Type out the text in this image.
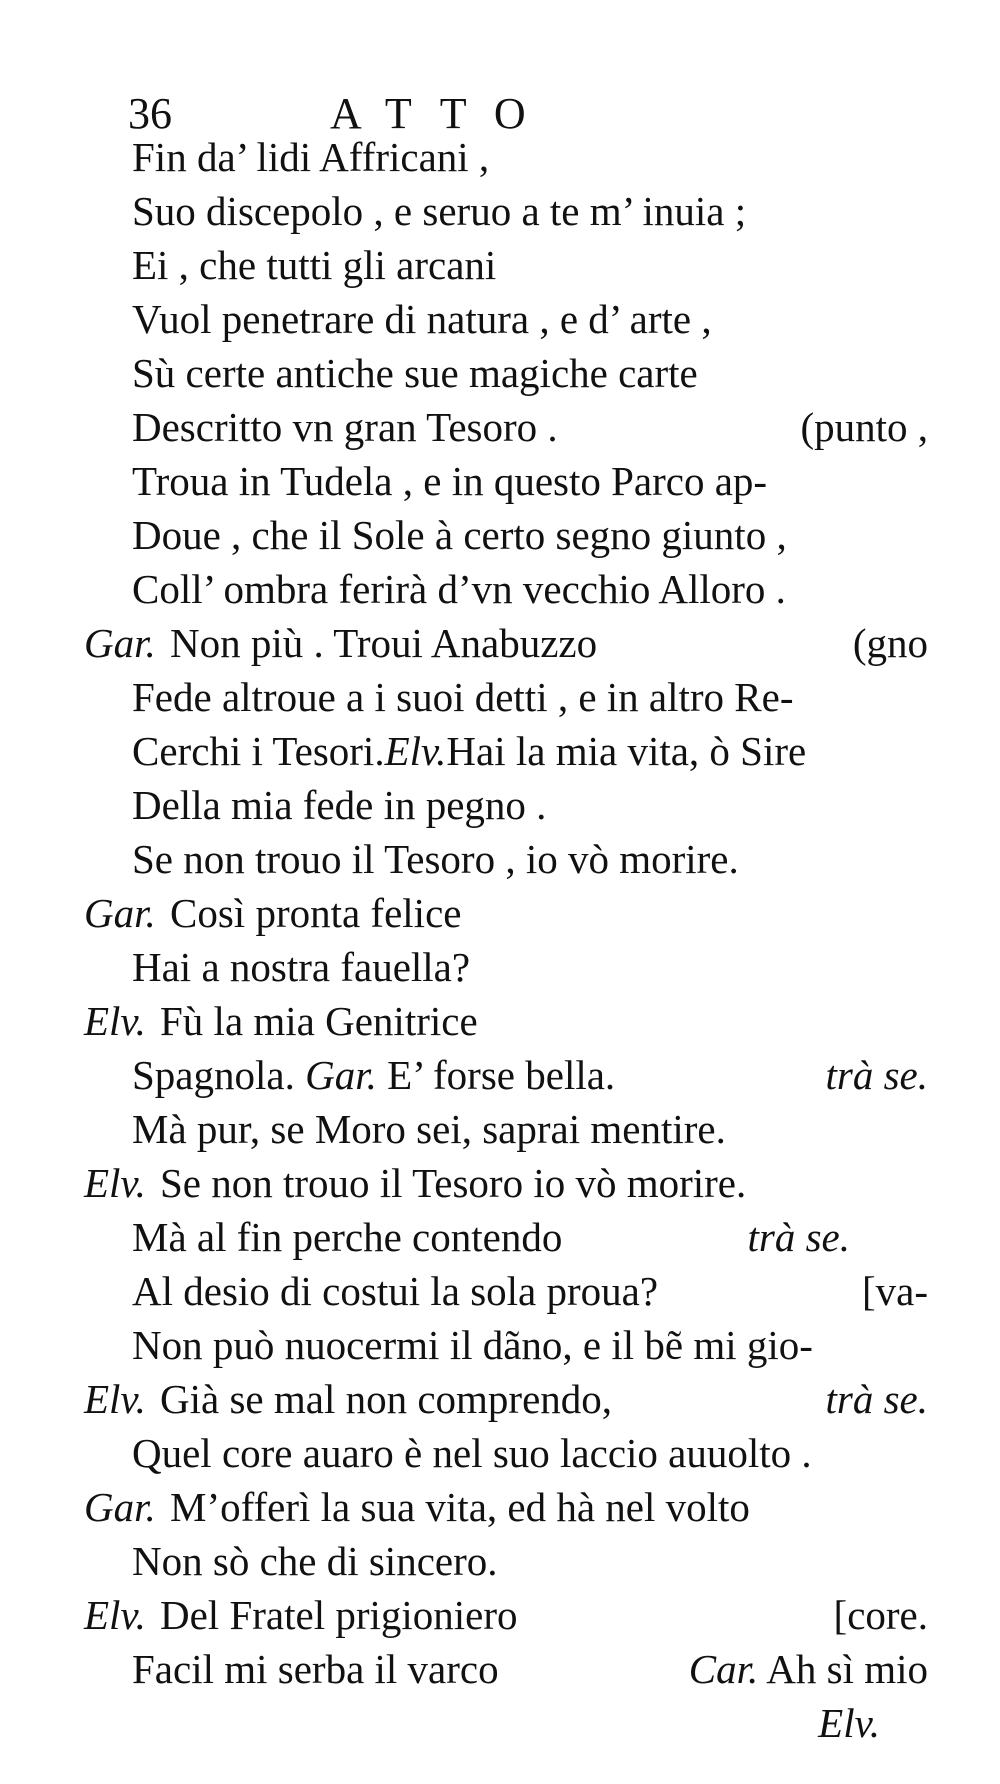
36	ATTO
Fin da’ lidi Affricani ,
Suo discepolo , e seruo a te m’ inuia ;
Ei , che tutti gli arcani
Vuol penetrare di natura , e d’ arte ,
Sù certe antiche sue magiche carte
Descritto vn gran Tesoro .	(punto ,
Troua in Tudela , e in questo Parco ap-
Doue , che il Sole à certo segno giunto ,
Coll’ ombra ferirà d’vn vecchio Alloro .
Gar. Non più . Troui Anabuzzo	(gno
Fede altroue a i suoi detti , e in altro Re-
Cerchi i Tesori.Elv.Hai la mia vita, ò Sire
Della mia fede in pegno .
Se non trouo il Tesoro , io vò morire.
Gar. Così pronta felice
Hai a nostra fauella?
Elv. Fù la mia Genitrice
Spagnola. Gar. E’ forse bella.	trà se.
Mà pur, se Moro sei, saprai mentire.
Elv. Se non trouo il Tesoro io vò morire.
Mà al fin perche contendo	trà se.
Al desio di costui la sola proua?	[va-
Non può nuocermi il dãno, e il bẽ mi gio-
Elv. Già se mal non comprendo,	trà se.
Quel core auaro è nel suo laccio auuolto .
Gar. M’offerì la sua vita, ed hà nel volto
Non sò che di sincero.
Elv. Del Fratel prigioniero	[core.
Facil mi serba il varco	Car. Ah sì mio
Elv.
